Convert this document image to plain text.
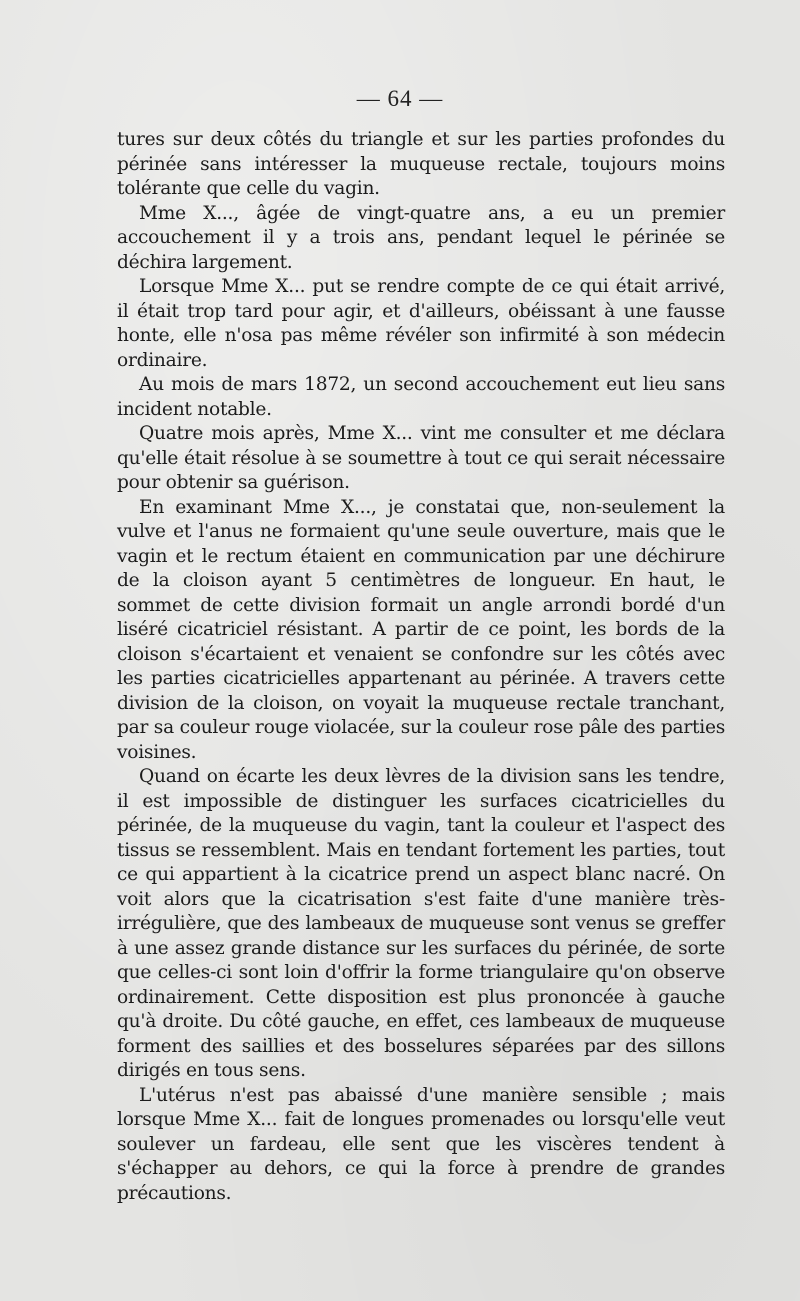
— 64 —

tures sur deux côtés du triangle et sur les parties profondes du périnée sans intéresser la muqueuse rectale, toujours moins tolérante que celle du vagin.

Mme X..., âgée de vingt-quatre ans, a eu un premier accouchement il y a trois ans, pendant lequel le périnée se déchira largement.

Lorsque Mme X... put se rendre compte de ce qui était arrivé, il était trop tard pour agir, et d'ailleurs, obéissant à une fausse honte, elle n'osa pas même révéler son infirmité à son médecin ordinaire.

Au mois de mars 1872, un second accouchement eut lieu sans incident notable.

Quatre mois après, Mme X... vint me consulter et me déclara qu'elle était résolue à se soumettre à tout ce qui serait nécessaire pour obtenir sa guérison.

En examinant Mme X..., je constatai que, non-seulement la vulve et l'anus ne formaient qu'une seule ouverture, mais que le vagin et le rectum étaient en communication par une déchirure de la cloison ayant 5 centimètres de longueur. En haut, le sommet de cette division formait un angle arrondi bordé d'un liséré cicatriciel résistant. A partir de ce point, les bords de la cloison s'écartaient et venaient se confondre sur les côtés avec les parties cicatricielles appartenant au périnée. A travers cette division de la cloison, on voyait la muqueuse rectale tranchant, par sa couleur rouge violacée, sur la couleur rose pâle des parties voisines.

Quand on écarte les deux lèvres de la division sans les tendre, il est impossible de distinguer les surfaces cicatricielles du périnée, de la muqueuse du vagin, tant la couleur et l'aspect des tissus se ressemblent. Mais en tendant fortement les parties, tout ce qui appartient à la cicatrice prend un aspect blanc nacré. On voit alors que la cicatrisation s'est faite d'une manière très-irrégulière, que des lambeaux de muqueuse sont venus se greffer à une assez grande distance sur les surfaces du périnée, de sorte que celles-ci sont loin d'offrir la forme triangulaire qu'on observe ordinairement. Cette disposition est plus prononcée à gauche qu'à droite. Du côté gauche, en effet, ces lambeaux de muqueuse forment des saillies et des bosselures séparées par des sillons dirigés en tous sens.

L'utérus n'est pas abaissé d'une manière sensible ; mais lorsque Mme X... fait de longues promenades ou lorsqu'elle veut soulever un fardeau, elle sent que les viscères tendent à s'échapper au dehors, ce qui la force à prendre de grandes précautions.
